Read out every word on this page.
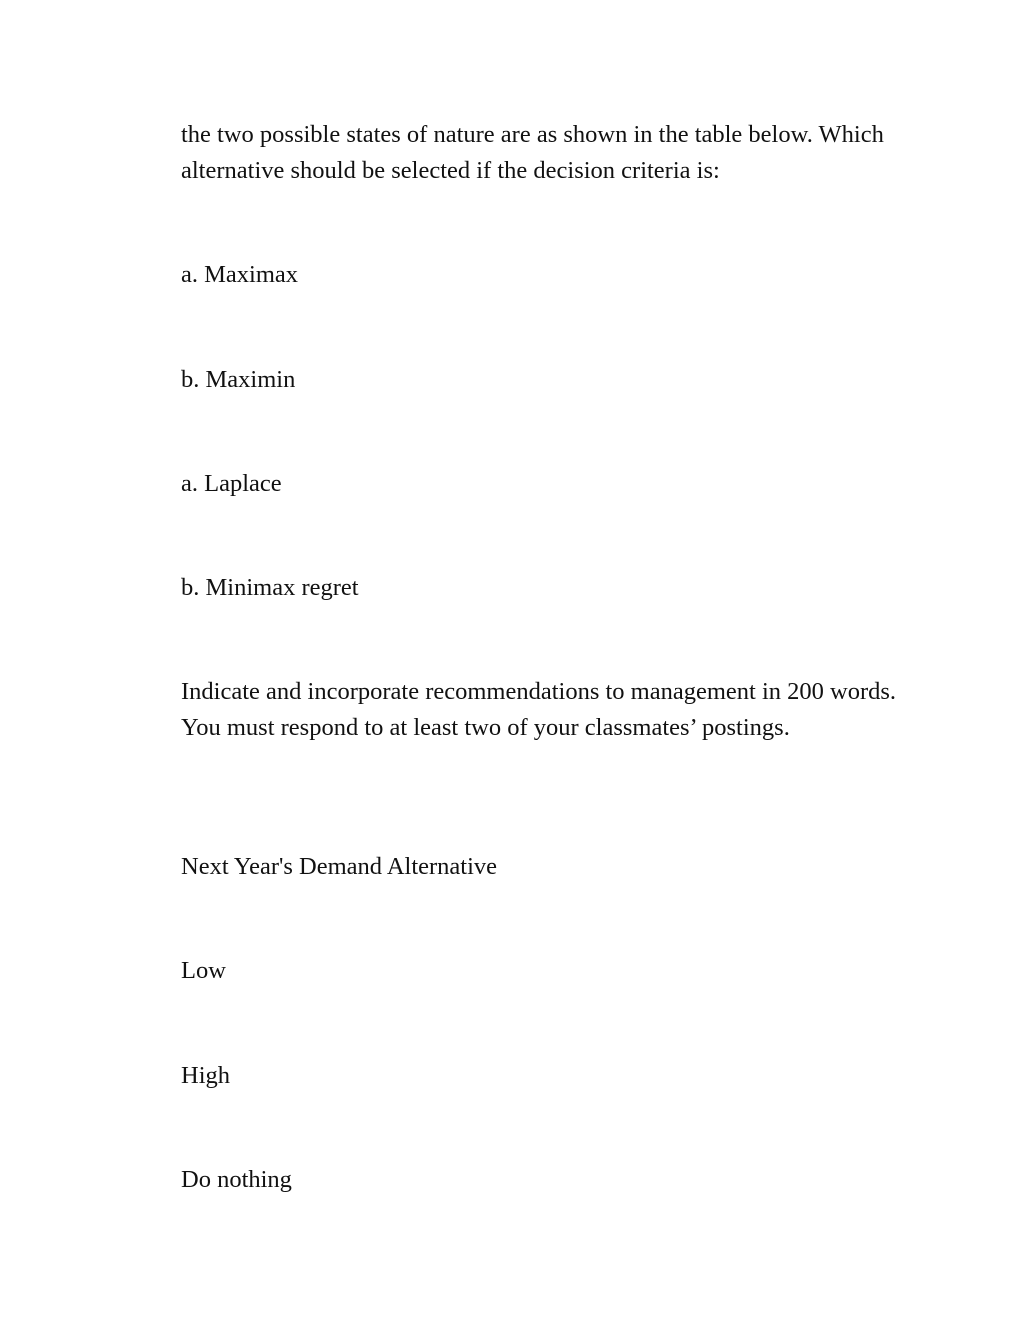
the two possible states of nature are as shown in the table below. Which alternative should be selected if the decision criteria is:

a. Maximax

b. Maximin

a. Laplace

b. Minimax regret

Indicate and incorporate recommendations to management in 200 words. You must respond to at least two of your classmates’ postings.

Next Year's Demand Alternative

Low

High

Do nothing
